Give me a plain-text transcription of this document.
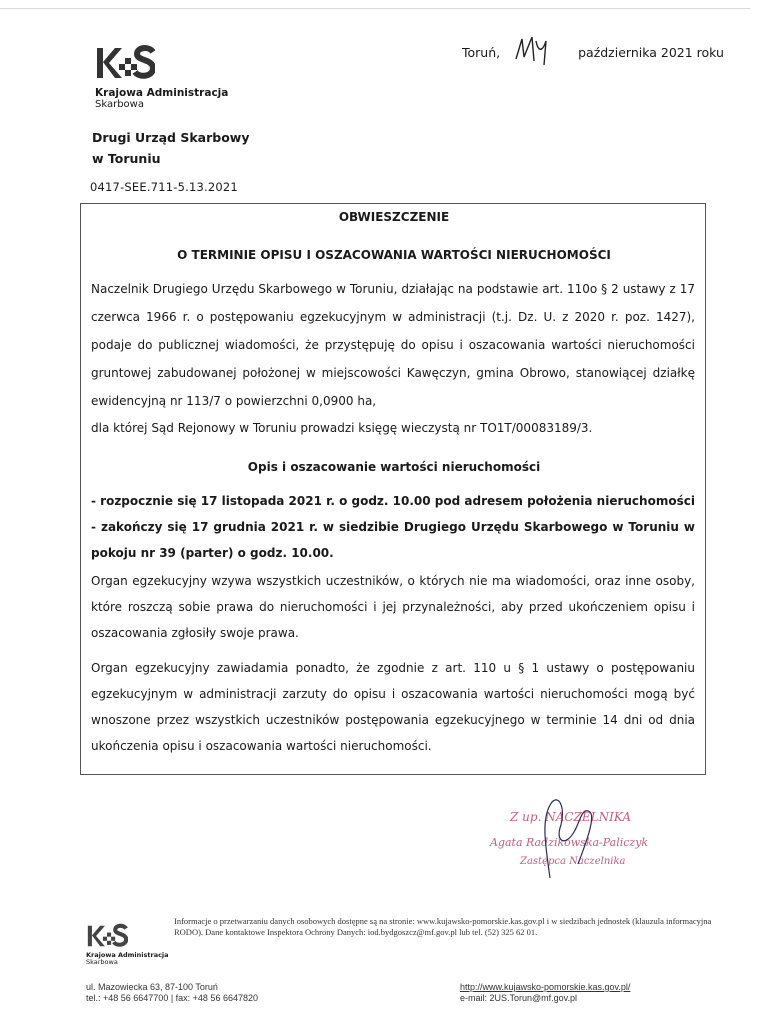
Krajowa Administracja
Skarbowa
Toruń,	października 2021 roku
Drugi Urząd Skarbowy
w Toruniu
0417-SEE.711-5.13.2021
OBWIESZCZENIE
O TERMINIE OPISU I OSZACOWANIA WARTOŚCI NIERUCHOMOŚCI
Naczelnik Drugiego Urzędu Skarbowego w Toruniu, działając na podstawie art. 110o § 2 ustawy z 17 czerwca 1966 r. o postępowaniu egzekucyjnym w administracji (t.j. Dz. U. z 2020 r. poz. 1427), podaje do publicznej wiadomości, że przystępuję do opisu i oszacowania wartości nieruchomości gruntowej zabudowanej położonej w miejscowości Kawęczyn, gmina Obrowo, stanowiącej działkę ewidencyjną nr 113/7 o powierzchni 0,0900 ha,
dla której Sąd Rejonowy w Toruniu prowadzi księgę wieczystą nr TO1T/00083189/3.
Opis i oszacowanie wartości nieruchomości
- rozpocznie się 17 listopada 2021 r. o godz. 10.00 pod adresem położenia nieruchomości
- zakończy się 17 grudnia 2021 r. w siedzibie Drugiego Urzędu Skarbowego w Toruniu w pokoju nr 39 (parter) o godz. 10.00.
Organ egzekucyjny wzywa wszystkich uczestników, o których nie ma wiadomości, oraz inne osoby, które roszczą sobie prawa do nieruchomości i jej przynależności, aby przed ukończeniem opisu i oszacowania zgłosiły swoje prawa.
Organ egzekucyjny zawiadamia ponadto, że zgodnie z art. 110 u § 1 ustawy o postępowaniu egzekucyjnym w administracji zarzuty do opisu i oszacowania wartości nieruchomości mogą być wnoszone przez wszystkich uczestników postępowania egzekucyjnego w terminie 14 dni od dnia ukończenia opisu i oszacowania wartości nieruchomości.
Z up. NACZELNIKA
Agata Radzikowska-Paliczyk
Zastępca Naczelnika
Krajowa Administracja
Skarbowa
Informacje o przetwarzaniu danych osobowych dostępne są na stronie: www.kujawsko-pomorskie.kas.gov.pl i w siedzibach jednostek (klauzula informacyjna RODO). Dane kontaktowe Inspektora Ochrony Danych: iod.bydgoszcz@mf.gov.pl lub tel. (52) 325 62 01.
ul. Mazowiecka 63, 87-100 Toruń
tel.: +48 56 6647700 | fax: +48 56 6647820
http://www.kujawsko-pomorskie.kas.gov.pl/
e-mail: 2US.Torun@mf.gov.pl
